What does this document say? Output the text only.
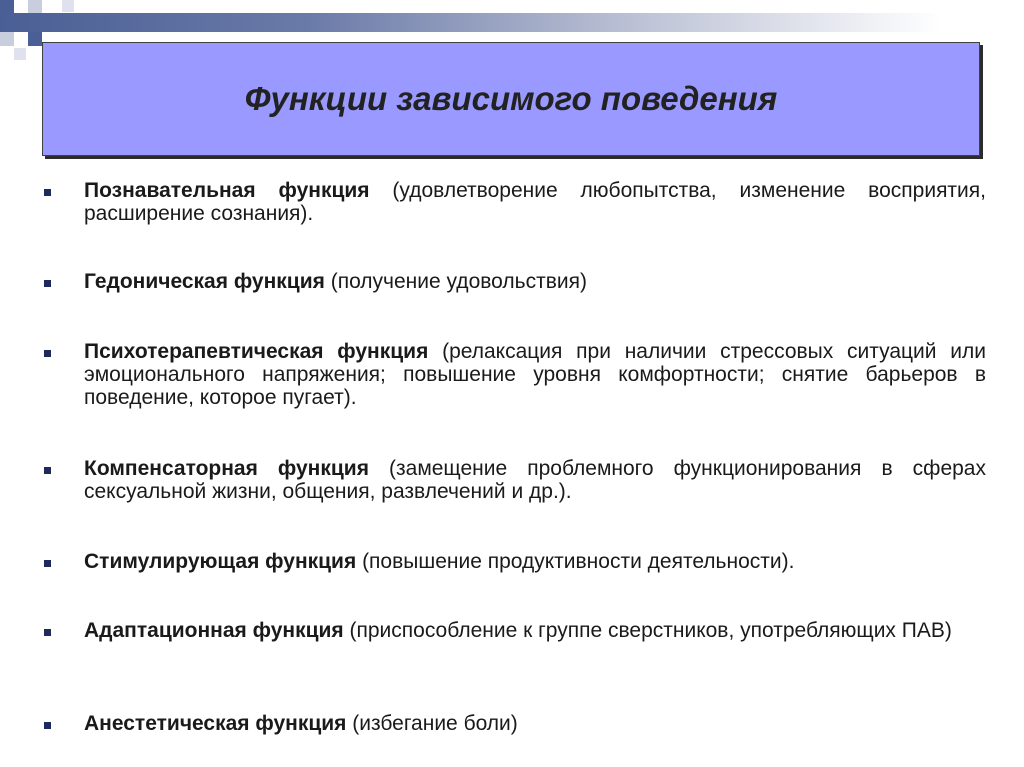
Функции зависимого поведения
Познавательная функция (удовлетворение любопытства, изменение восприятия, расширение сознания).
Гедоническая функция (получение удовольствия)
Психотерапевтическая функция (релаксация при наличии стрессовых ситуаций или эмоционального напряжения; повышение уровня комфортности; снятие барьеров в поведение, которое пугает).
Компенсаторная функция (замещение проблемного функционирования в сферах сексуальной жизни, общения, развлечений и др.).
Стимулирующая функция (повышение продуктивности деятельности).
Адаптационная функция (приспособление к группе сверстников, употребляющих ПАВ)
Анестетическая функция (избегание боли)
